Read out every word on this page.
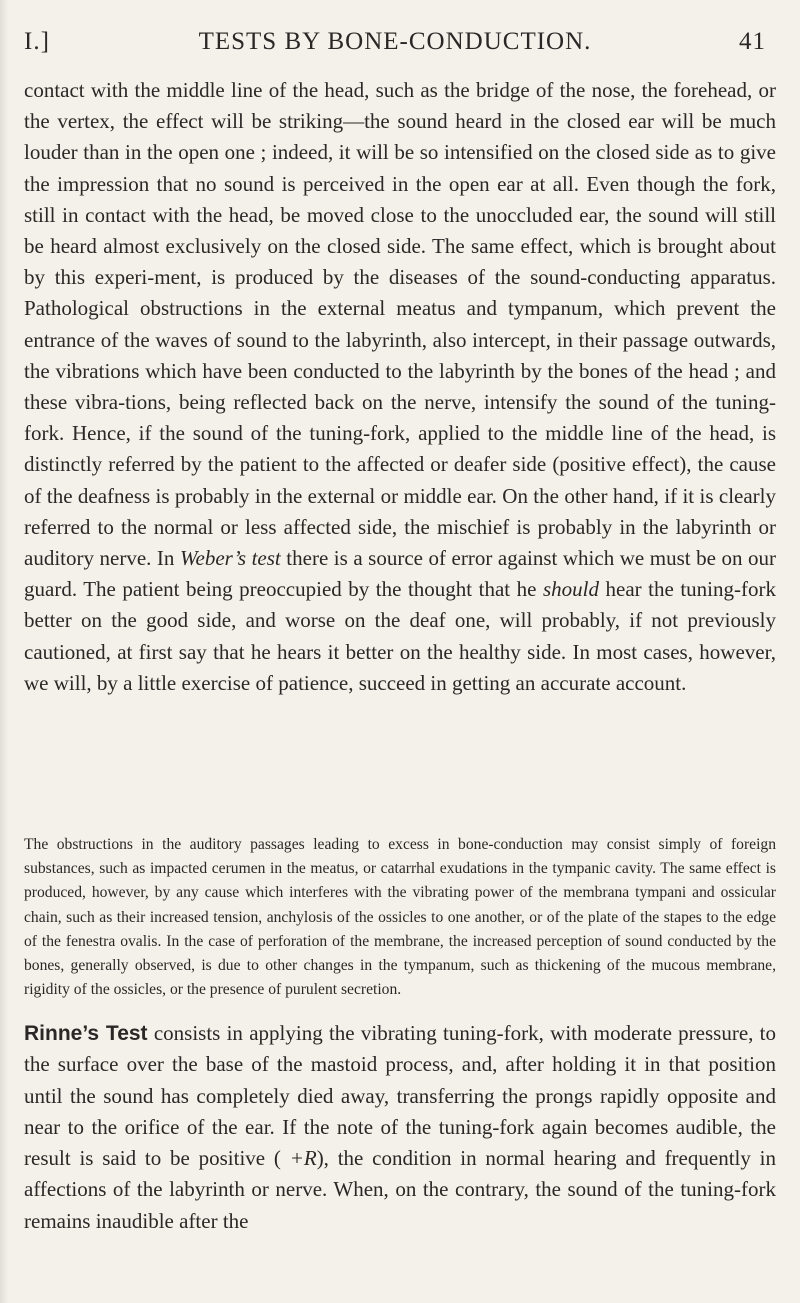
I.]	TESTS BY BONE-CONDUCTION.	41

contact with the middle line of the head, such as the bridge of the nose, the forehead, or the vertex, the effect will be striking—the sound heard in the closed ear will be much louder than in the open one ; indeed, it will be so intensified on the closed side as to give the impression that no sound is perceived in the open ear at all. Even though the fork, still in contact with the head, be moved close to the unoccluded ear, the sound will still be heard almost exclusively on the closed side. The same effect, which is brought about by this experi-ment, is produced by the diseases of the sound-conducting apparatus. Pathological obstructions in the external meatus and tympanum, which prevent the entrance of the waves of sound to the labyrinth, also intercept, in their passage outwards, the vibrations which have been conducted to the labyrinth by the bones of the head ; and these vibra-tions, being reflected back on the nerve, intensify the sound of the tuning-fork. Hence, if the sound of the tuning-fork, applied to the middle line of the head, is distinctly referred by the patient to the affected or deafer side (positive effect), the cause of the deafness is probably in the external or middle ear. On the other hand, if it is clearly referred to the normal or less affected side, the mischief is probably in the labyrinth or auditory nerve. In Weber’s test there is a source of error against which we must be on our guard. The patient being preoccupied by the thought that he should hear the tuning-fork better on the good side, and worse on the deaf one, will probably, if not previously cautioned, at first say that he hears it better on the healthy side. In most cases, however, we will, by a little exercise of patience, succeed in getting an accurate account.

The obstructions in the auditory passages leading to excess in bone-conduction may consist simply of foreign substances, such as impacted cerumen in the meatus, or catarrhal exudations in the tympanic cavity. The same effect is produced, however, by any cause which interferes with the vibrating power of the membrana tympani and ossicular chain, such as their increased tension, anchylosis of the ossicles to one another, or of the plate of the stapes to the edge of the fenestra ovalis. In the case of perforation of the membrane, the increased perception of sound conducted by the bones, generally observed, is due to other changes in the tympanum, such as thickening of the mucous membrane, rigidity of the ossicles, or the presence of purulent secretion.

Rinne’s Test consists in applying the vibrating tuning-fork, with moderate pressure, to the surface over the base of the mastoid process, and, after holding it in that position until the sound has completely died away, transferring the prongs rapidly opposite and near to the orifice of the ear. If the note of the tuning-fork again becomes audible, the result is said to be positive ( +R), the condition in normal hearing and frequently in affections of the labyrinth or nerve. When, on the contrary, the sound of the tuning-fork remains inaudible after the
